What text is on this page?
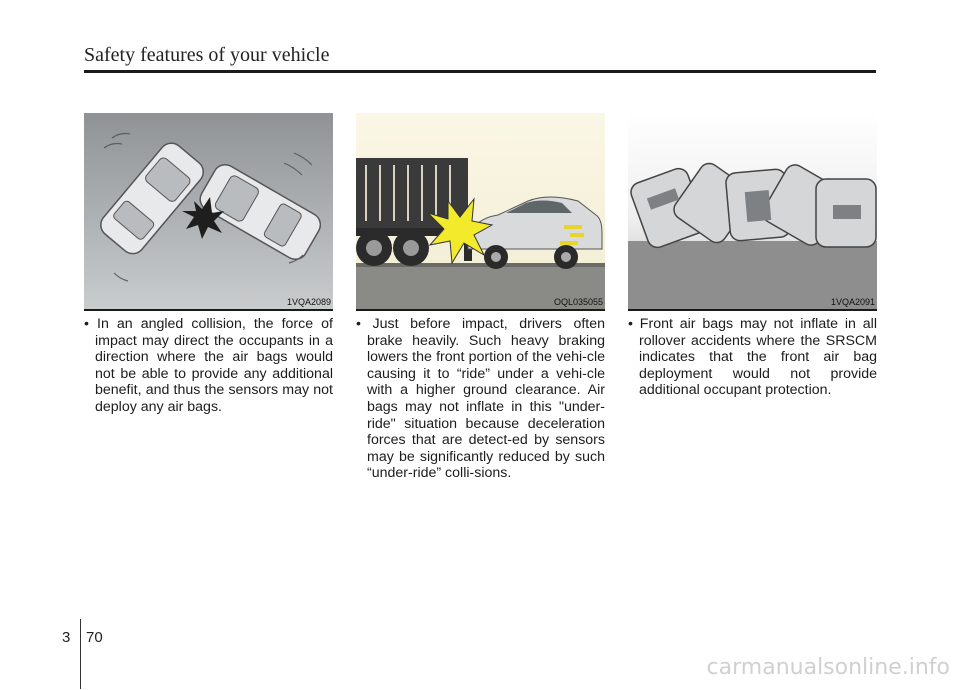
Safety features of your vehicle
1VQA2089	OQL035055	1VQA2091
• In an angled collision, the force of impact may direct the occupants in a direction where the air bags would not be able to provide any additional benefit, and thus the sensors may not deploy any air bags.
• Just before impact, drivers often brake heavily. Such heavy braking lowers the front portion of the vehi-cle causing it to “ride” under a vehi-cle with a higher ground clearance. Air bags may not inflate in this "under-ride" situation because deceleration forces that are detect-ed by sensors may be significantly reduced by such “under-ride” colli-sions.
• Front air bags may not inflate in all rollover accidents where the SRSCM indicates that the front air bag deployment would not provide additional occupant protection.
3 70
carmanualsonline.info
